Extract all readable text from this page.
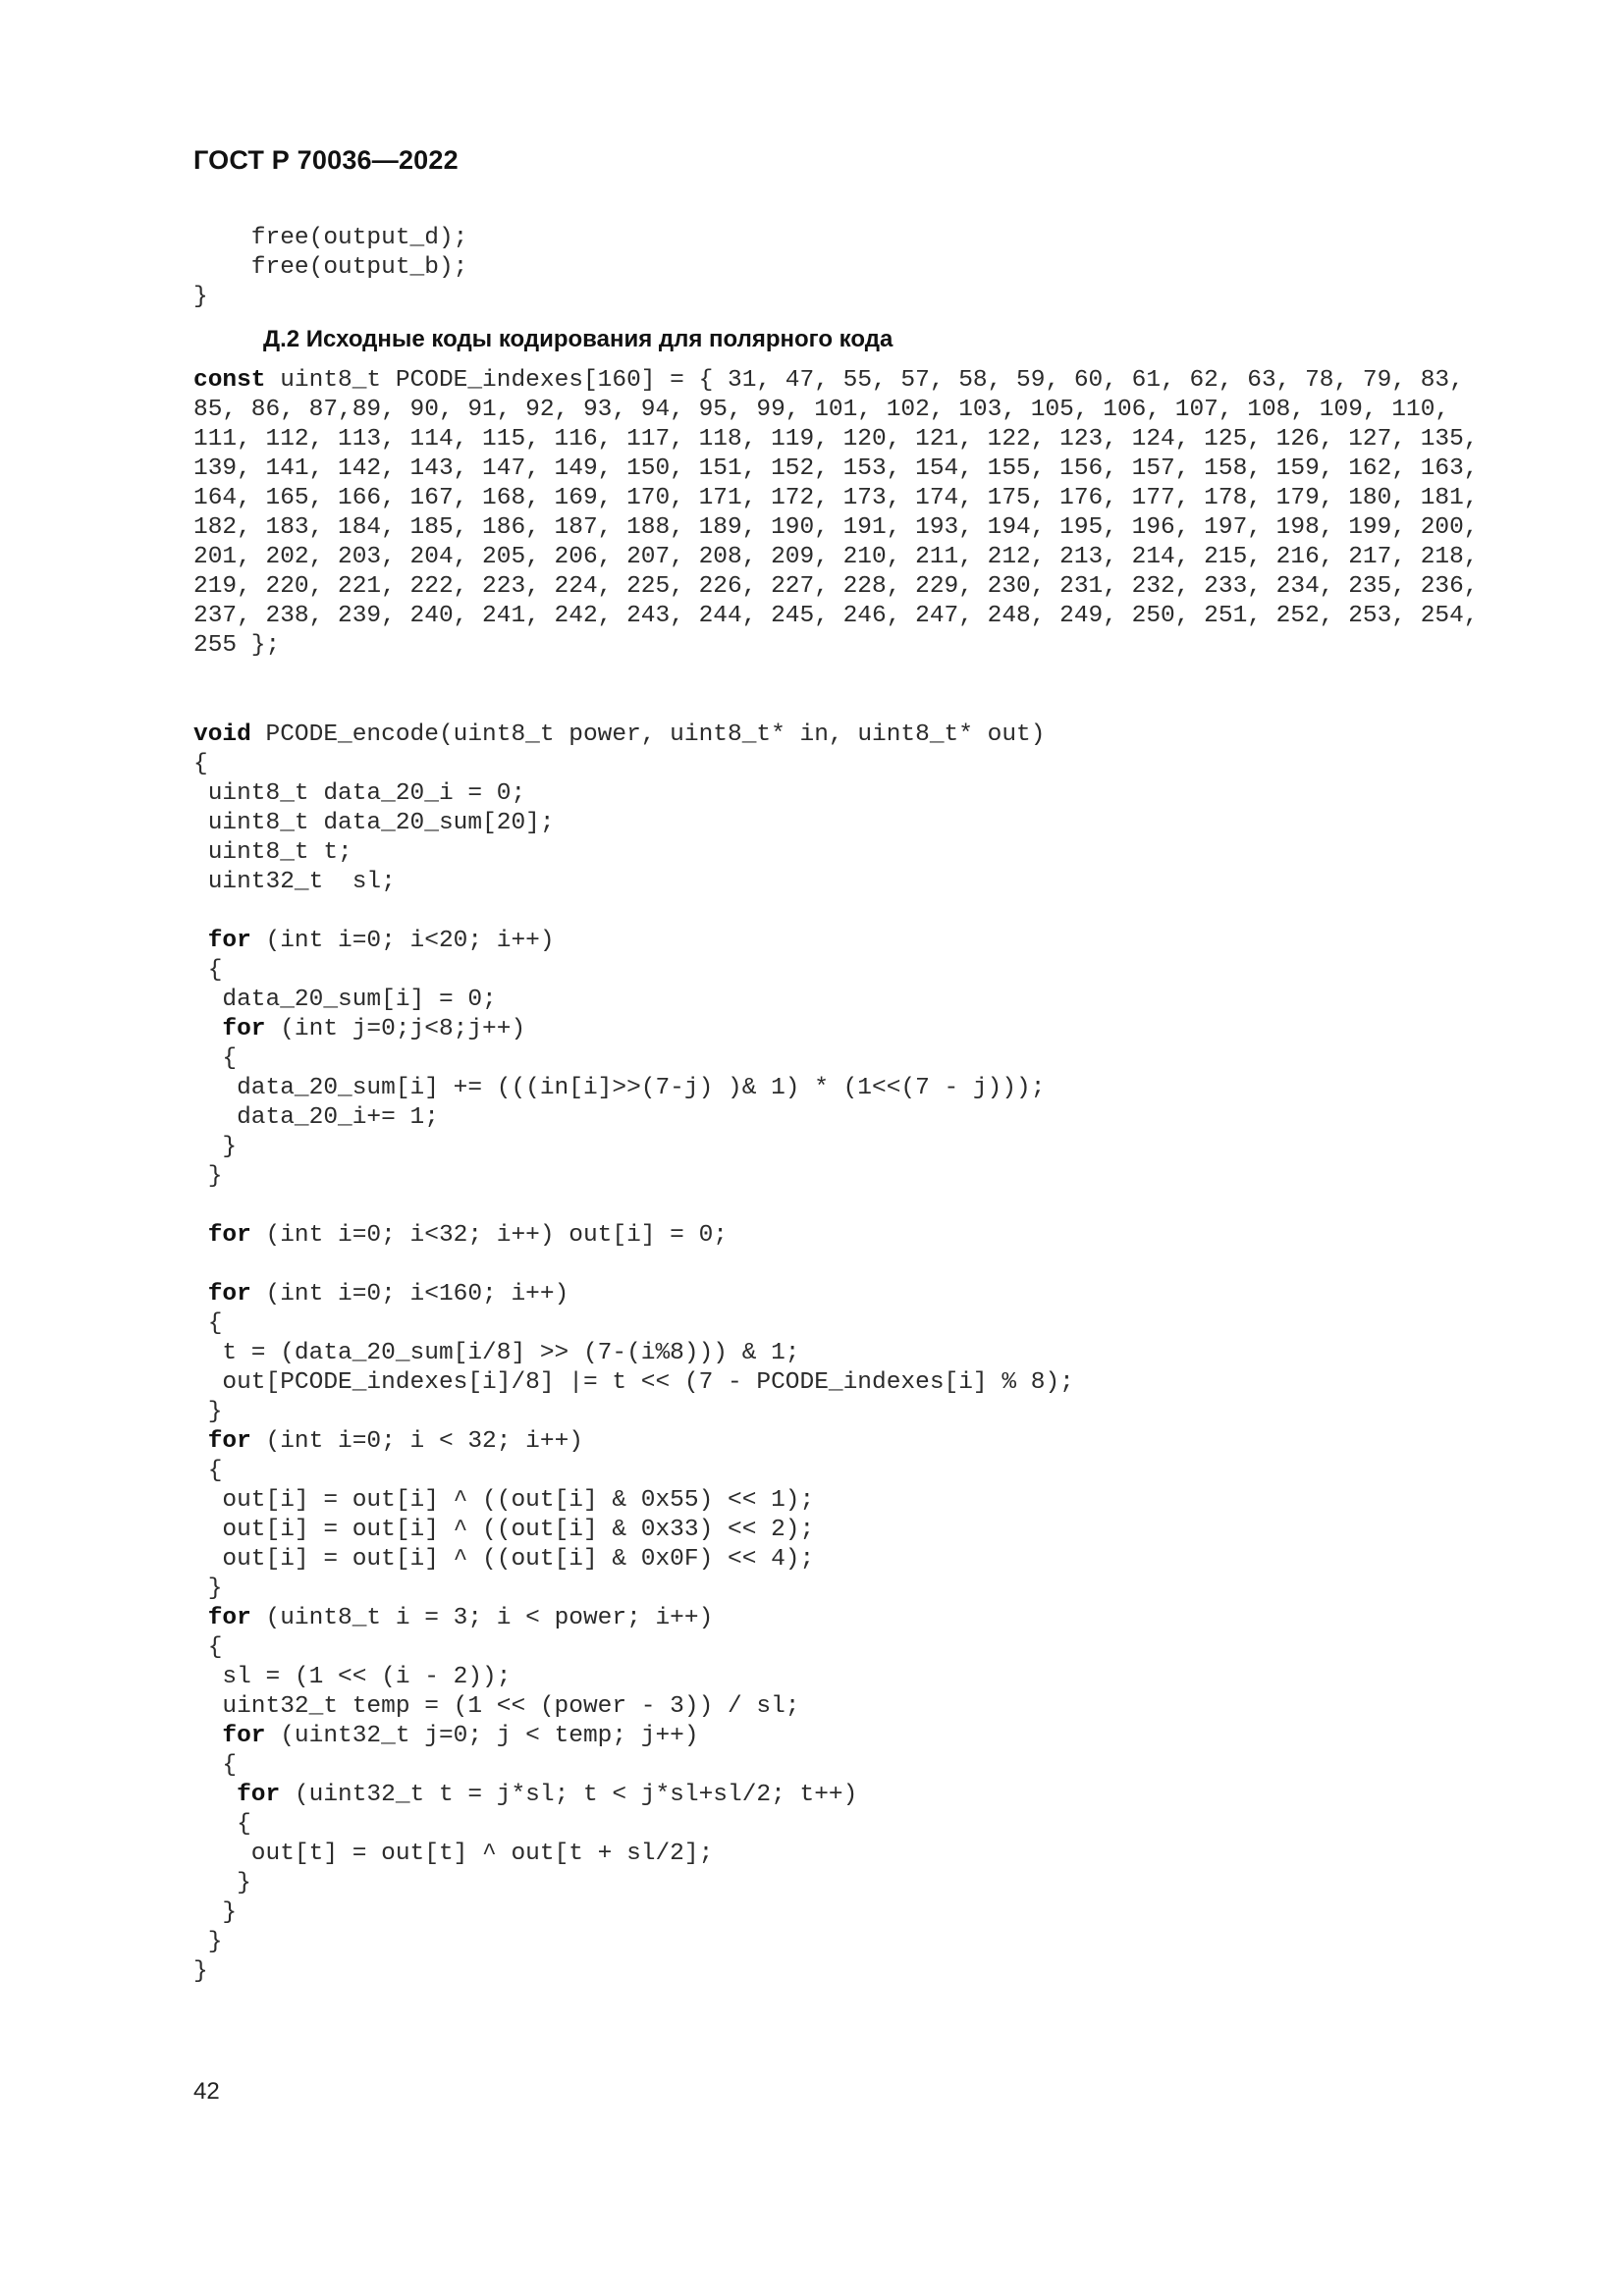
ГОСТ Р 70036—2022
free(output_d);
free(output_b);
}
Д.2 Исходные коды кодирования для полярного кода
const uint8_t PCODE_indexes[160] = { 31, 47, 55, 57, 58, 59, 60, 61, 62, 63, 78, 79, 83,
85, 86, 87,89, 90, 91, 92, 93, 94, 95, 99, 101, 102, 103, 105, 106, 107, 108, 109, 110,
111, 112, 113, 114, 115, 116, 117, 118, 119, 120, 121, 122, 123, 124, 125, 126, 127, 135,
139, 141, 142, 143, 147, 149, 150, 151, 152, 153, 154, 155, 156, 157, 158, 159, 162, 163,
164, 165, 166, 167, 168, 169, 170, 171, 172, 173, 174, 175, 176, 177, 178, 179, 180, 181,
182, 183, 184, 185, 186, 187, 188, 189, 190, 191, 193, 194, 195, 196, 197, 198, 199, 200,
201, 202, 203, 204, 205, 206, 207, 208, 209, 210, 211, 212, 213, 214, 215, 216, 217, 218,
219, 220, 221, 222, 223, 224, 225, 226, 227, 228, 229, 230, 231, 232, 233, 234, 235, 236,
237, 238, 239, 240, 241, 242, 243, 244, 245, 246, 247, 248, 249, 250, 251, 252, 253, 254,
255 };
void PCODE_encode(uint8_t power, uint8_t* in, uint8_t* out)
{
uint8_t data_20_i = 0;
uint8_t data_20_sum[20];
uint8_t t;
uint32_t  sl;
for (int i=0; i<20; i++)
{
data_20_sum[i] = 0;
for (int j=0;j<8;j++)
{
data_20_sum[i] += (((in[i]>>(7-j) )& 1) * (1<<(7 - j)));
data_20_i+= 1;
}
}
for (int i=0; i<32; i++) out[i] = 0;
for (int i=0; i<160; i++)
{
t = (data_20_sum[i/8] >> (7-(i%8))) & 1;
out[PCODE_indexes[i]/8] |= t << (7 - PCODE_indexes[i] % 8);
}
for (int i=0; i < 32; i++)
{
out[i] = out[i] ^ ((out[i] & 0x55) << 1);
out[i] = out[i] ^ ((out[i] & 0x33) << 2);
out[i] = out[i] ^ ((out[i] & 0x0F) << 4);
}
for (uint8_t i = 3; i < power; i++)
{
sl = (1 << (i - 2));
uint32_t temp = (1 << (power - 3)) / sl;
for (uint32_t j=0; j < temp; j++)
{
for (uint32_t t = j*sl; t < j*sl+sl/2; t++)
{
out[t] = out[t] ^ out[t + sl/2];
}
}
}
}
42
